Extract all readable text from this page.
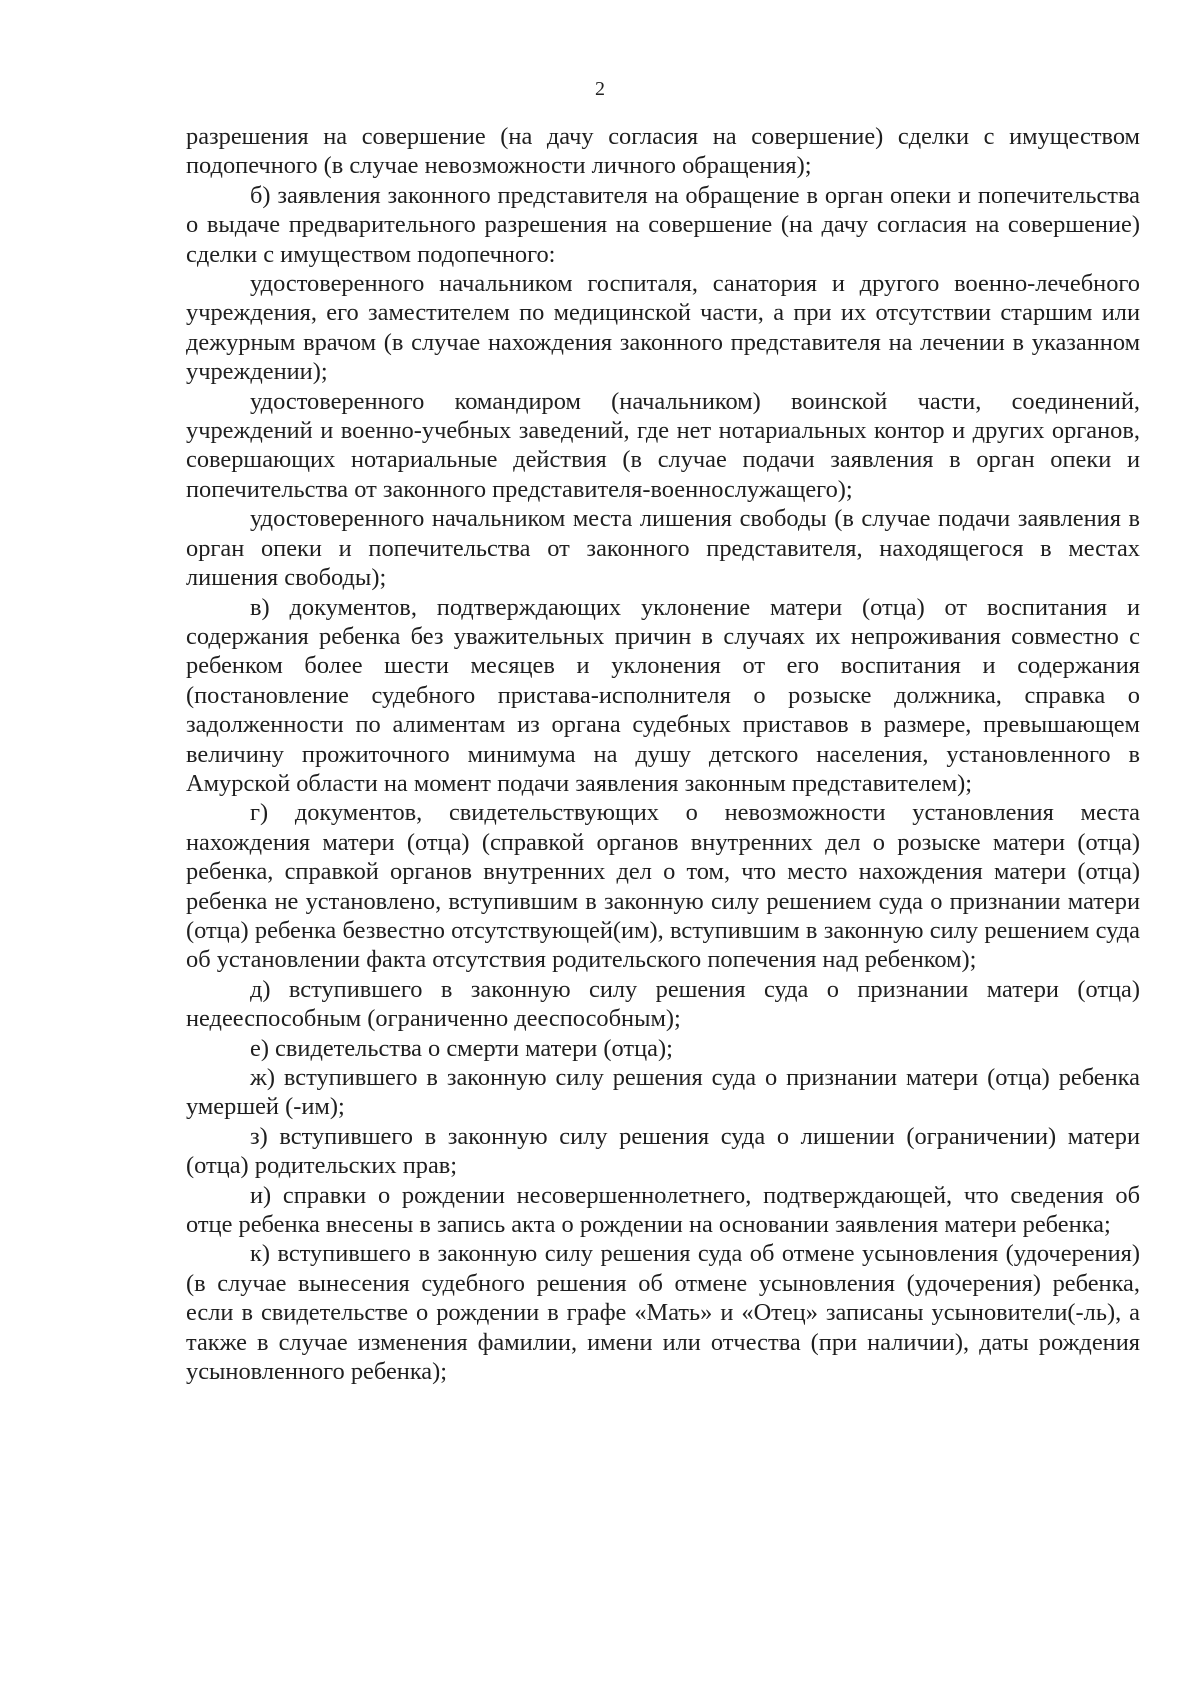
2

разрешения на совершение (на дачу согласия на совершение) сделки с имуществом подопечного (в случае невозможности личного обращения);

б) заявления законного представителя на обращение в орган опеки и попечительства о выдаче предварительного разрешения на совершение (на дачу согласия на совершение) сделки с имуществом подопечного:

удостоверенного начальником госпиталя, санатория и другого военно-лечебного учреждения, его заместителем по медицинской части, а при их отсутствии старшим или дежурным врачом (в случае нахождения законного представителя на лечении в указанном учреждении);

удостоверенного командиром (начальником) воинской части, соединений, учреждений и военно-учебных заведений, где нет нотариальных контор и других органов, совершающих нотариальные действия (в случае подачи заявления в орган опеки и попечительства от законного представителя-военнослужащего);

удостоверенного начальником места лишения свободы (в случае подачи заявления в орган опеки и попечительства от законного представителя, находящегося в местах лишения свободы);

в) документов, подтверждающих уклонение матери (отца) от воспитания и содержания ребенка без уважительных причин в случаях их непроживания совместно с ребенком более шести месяцев и уклонения от его воспитания и содержания (постановление судебного пристава-исполнителя о розыске должника, справка о задолженности по алиментам из органа судебных приставов в размере, превышающем величину прожиточного минимума на душу детского населения, установленного в Амурской области на момент подачи заявления законным представителем);

г) документов, свидетельствующих о невозможности установления места нахождения матери (отца) (справкой органов внутренних дел о розыске матери (отца) ребенка, справкой органов внутренних дел о том, что место нахождения матери (отца) ребенка не установлено, вступившим в законную силу решением суда о признании матери (отца) ребенка безвестно отсутствующей(им), вступившим в законную силу решением суда об установлении факта отсутствия родительского попечения над ребенком);

д) вступившего в законную силу решения суда о признании матери (отца) недееспособным (ограниченно дееспособным);

е) свидетельства о смерти матери (отца);

ж) вступившего в законную силу решения суда о признании матери (отца) ребенка умершей (-им);

з) вступившего в законную силу решения суда о лишении (ограничении) матери (отца) родительских прав;

и) справки о рождении несовершеннолетнего, подтверждающей, что сведения об отце ребенка внесены в запись акта о рождении на основании заявления матери ребенка;

к) вступившего в законную силу решения суда об отмене усыновления (удочерения) (в случае вынесения судебного решения об отмене усыновления (удочерения) ребенка, если в свидетельстве о рождении в графе «Мать» и «Отец» записаны усыновители(-ль), а также в случае изменения фамилии, имени или отчества (при наличии), даты рождения усыновленного ребенка);
